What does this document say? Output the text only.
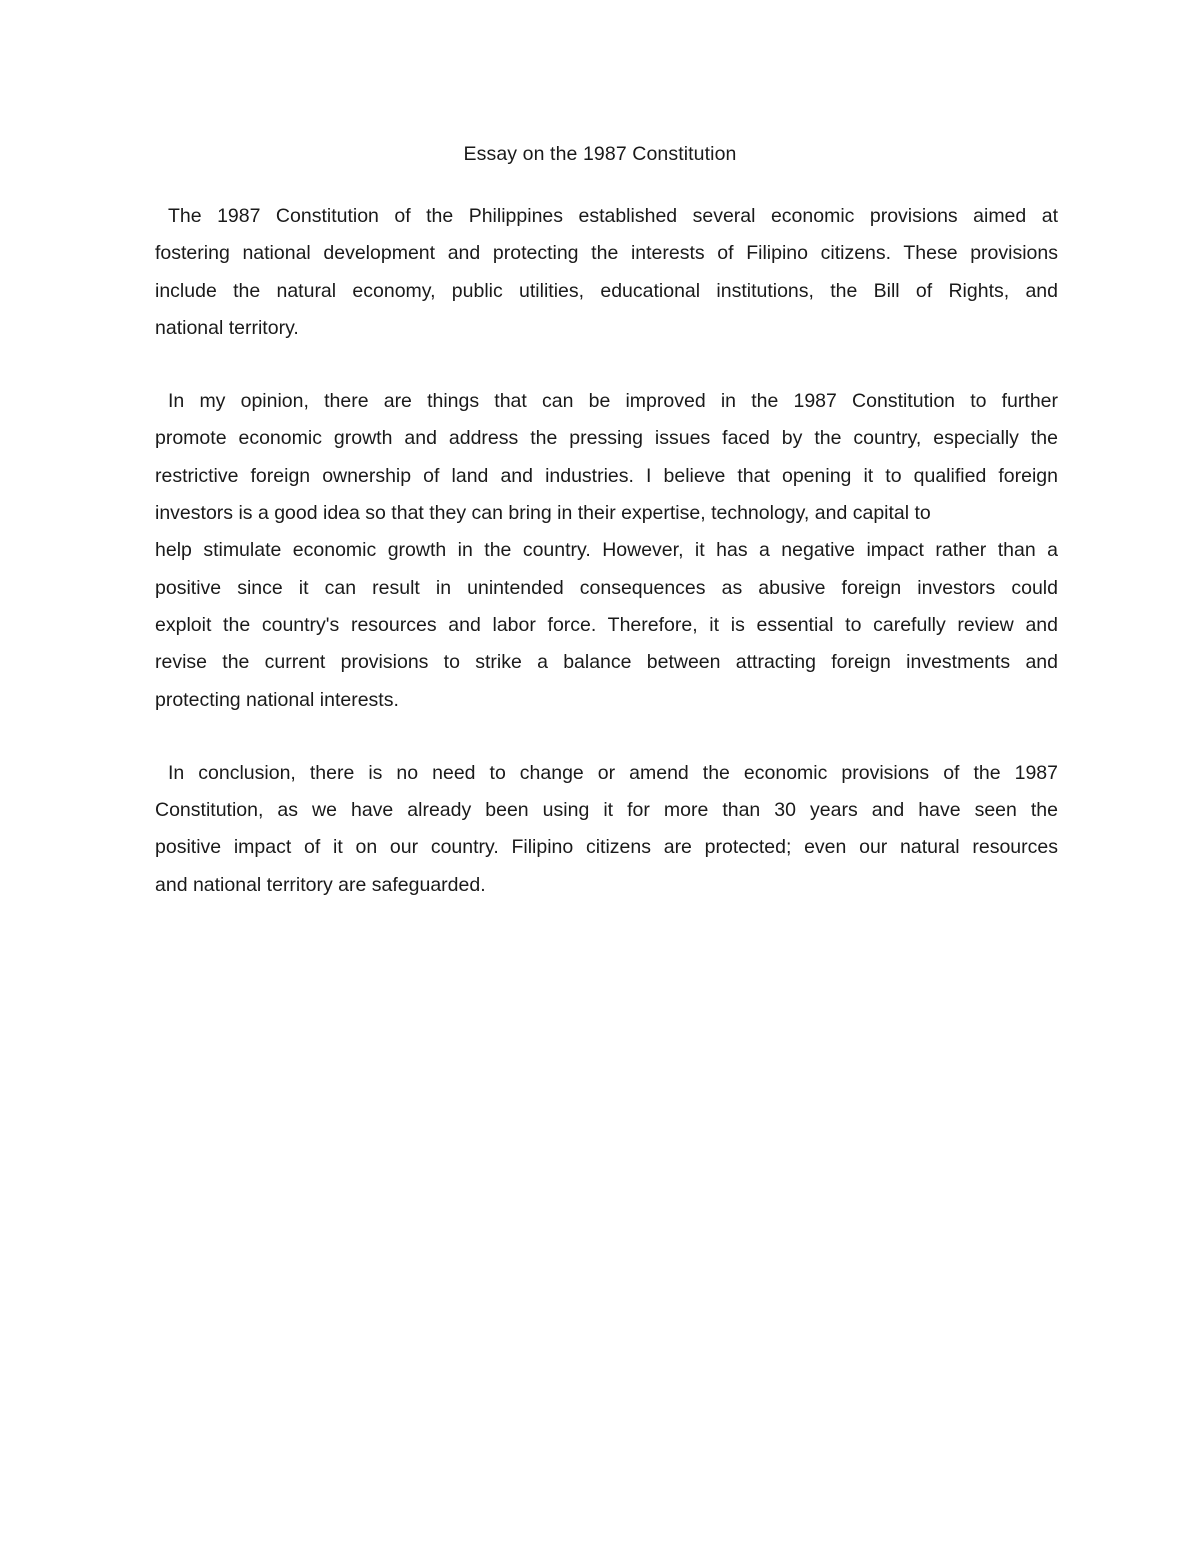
Essay on the 1987 Constitution
The 1987 Constitution of the Philippines established several economic provisions aimed at
fostering national development and protecting the interests of Filipino citizens. These provisions
include the natural economy, public utilities, educational institutions, the Bill of Rights, and
national territory.
In my opinion, there are things that can be improved in the 1987 Constitution to further
promote economic growth and address the pressing issues faced by the country, especially the
restrictive foreign ownership of land and industries. I believe that opening it to qualified foreign
investors is a good idea so that they can bring in their expertise, technology, and capital to
help stimulate economic growth in the country. However, it has a negative impact rather than a
positive since it can result in unintended consequences as abusive foreign investors could
exploit the country's resources and labor force. Therefore, it is essential to carefully review and
revise the current provisions to strike a balance between attracting foreign investments and
protecting national interests.
In conclusion, there is no need to change or amend the economic provisions of the 1987
Constitution, as we have already been using it for more than 30 years and have seen the
positive impact of it on our country. Filipino citizens are protected; even our natural resources
and national territory are safeguarded.
